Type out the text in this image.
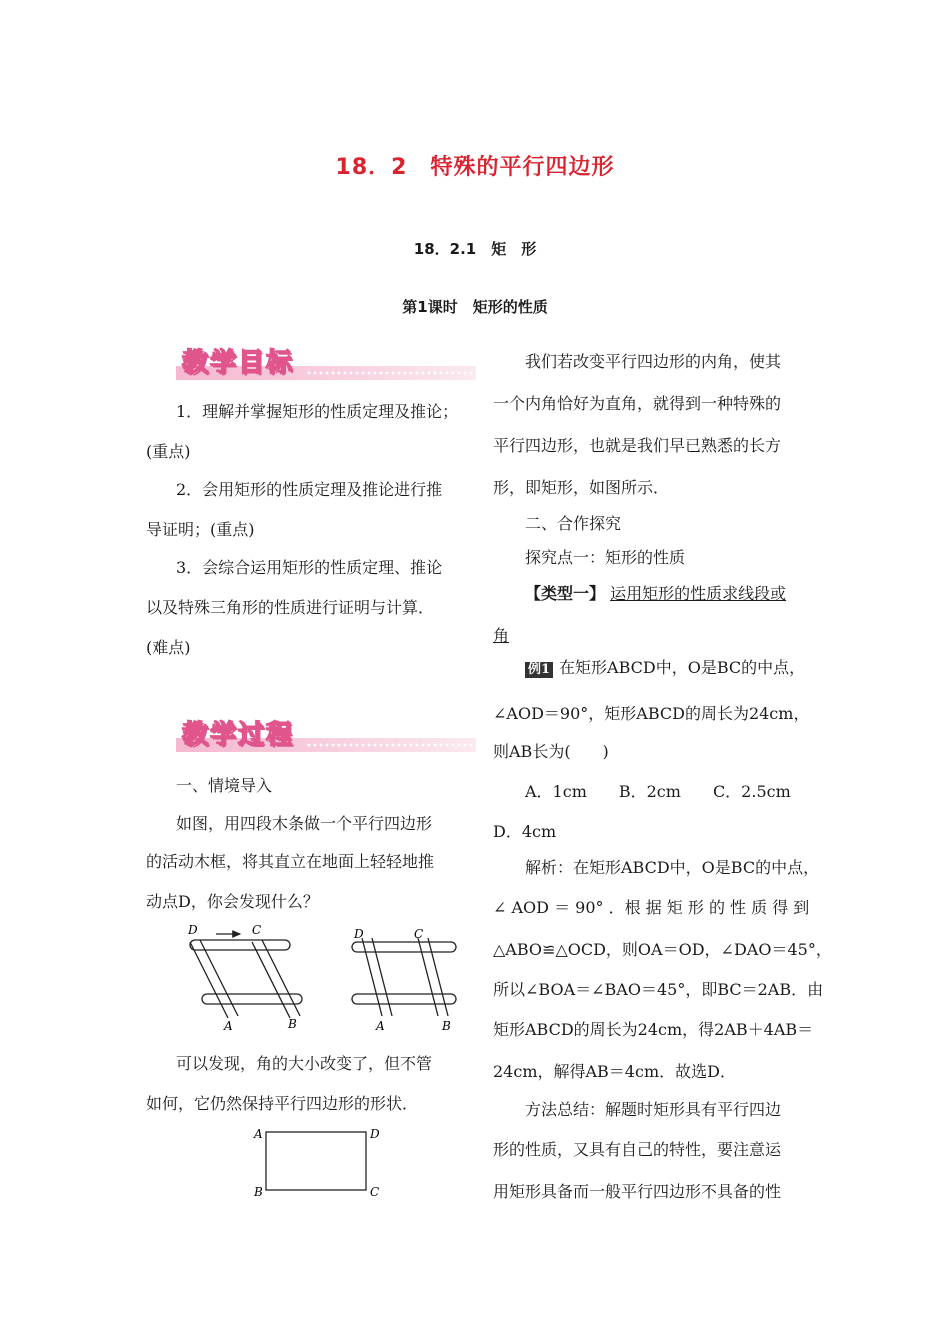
18．2　特殊的平行四边形
18．2.1　矩　形
第1课时　矩形的性质
教学目标
1．理解并掌握矩形的性质定理及推论；
(重点)
2．会用矩形的性质定理及推论进行推
导证明；(重点)
3．会综合运用矩形的性质定理、推论
以及特殊三角形的性质进行证明与计算．
(难点)
教学过程
一、情境导入
如图，用四段木条做一个平行四边形
的活动木框，将其直立在地面上轻轻地推
动点D，你会发现什么？
D	C
A	B
D	C
A	B
可以发现，角的大小改变了，但不管
如何，它仍然保持平行四边形的形状．
A	D
B	C
我们若改变平行四边形的内角，使其
一个内角恰好为直角，就得到一种特殊的
平行四边形，也就是我们早已熟悉的长方
形，即矩形，如图所示．
二、合作探究
探究点一：矩形的性质
【类型一】 运用矩形的性质求线段或
角
例1 在矩形ABCD中，O是BC的中点，
∠AOD＝90°，矩形ABCD的周长为24cm，
则AB长为(　　)
A．1cm　　B．2cm　　C．2.5cm
D．4cm
解析：在矩形ABCD中，O是BC的中点，
∠ AOD ＝ 90° ．根 据 矩 形 的 性 质 得 到
△ABO≌△OCD，则OA＝OD，∠DAO＝45°，
所以∠BOA＝∠BAO＝45°，即BC＝2AB．由
矩形ABCD的周长为24cm，得2AB＋4AB＝
24cm，解得AB＝4cm．故选D．
方法总结：解题时矩形具有平行四边
形的性质，又具有自己的特性，要注意运
用矩形具备而一般平行四边形不具备的性
